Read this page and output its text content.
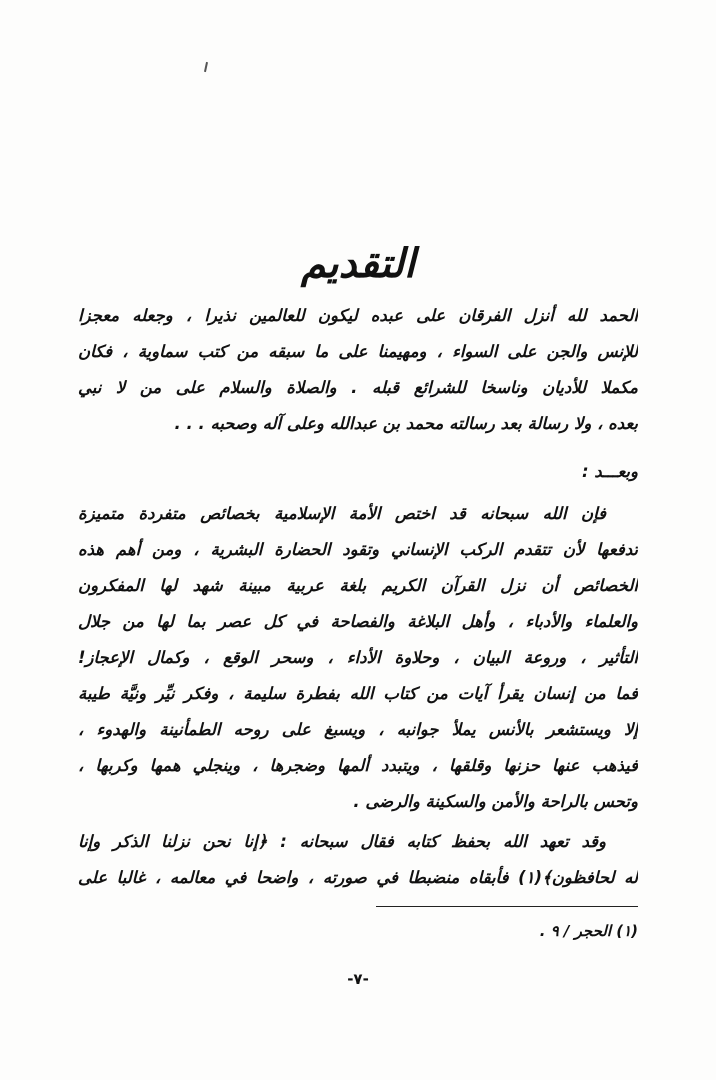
التقديم
الحمد لله أنزل الفرقان على عبده ليكون للعالمين نذيرا ، وجعله معجزا
للإنس والجن على السواء ، ومهيمنا على ما سبقه من كتب سماوية ، فكان
مكملا للأديان وناسخا للشرائع قبله . والصلاة والسلام على من لا نبي
بعده ، ولا رسالة بعد رسالته محمد بن عبدالله وعلى آله وصحبه . . .
وبعـــد :
فإن الله سبحانه قد اختص الأمة الإسلامية بخصائص متفردة متميزة
تدفعها لأن تتقدم الركب الإنساني وتقود الحضارة البشرية ، ومن أهم هذه
الخصائص أن نزل القرآن الكريم بلغة عربية مبينة شهد لها المفكرون
والعلماء والأدباء ، وأهل البلاغة والفصاحة في كل عصر بما لها من جلال
التأثير ، وروعة البيان ، وحلاوة الأداء ، وسحر الوقع ، وكمال الإعجاز!
فما من إنسان يقرأ آيات من كتاب الله بفطرة سليمة ، وفكر نيِّر ونيَّة طيبة
إلا ويستشعر بالأنس يملأ جوانبه ، ويسبغ على روحه الطمأنينة والهدوء ،
فيذهب عنها حزنها وقلقها ، ويتبدد ألمها وضجرها ، وينجلي همها وكربها ،
وتحس بالراحة والأمن والسكينة والرضى .
وقد تعهد الله بحفظ كتابه فقال سبحانه : ﴿إنا نحن نزلنا الذكر وإنا
له لحافظون﴾(١) فأبقاه منضبطا في صورته ، واضحا في معالمه ، غالبا على
(١) الحجر / ٩ .
-٧-
